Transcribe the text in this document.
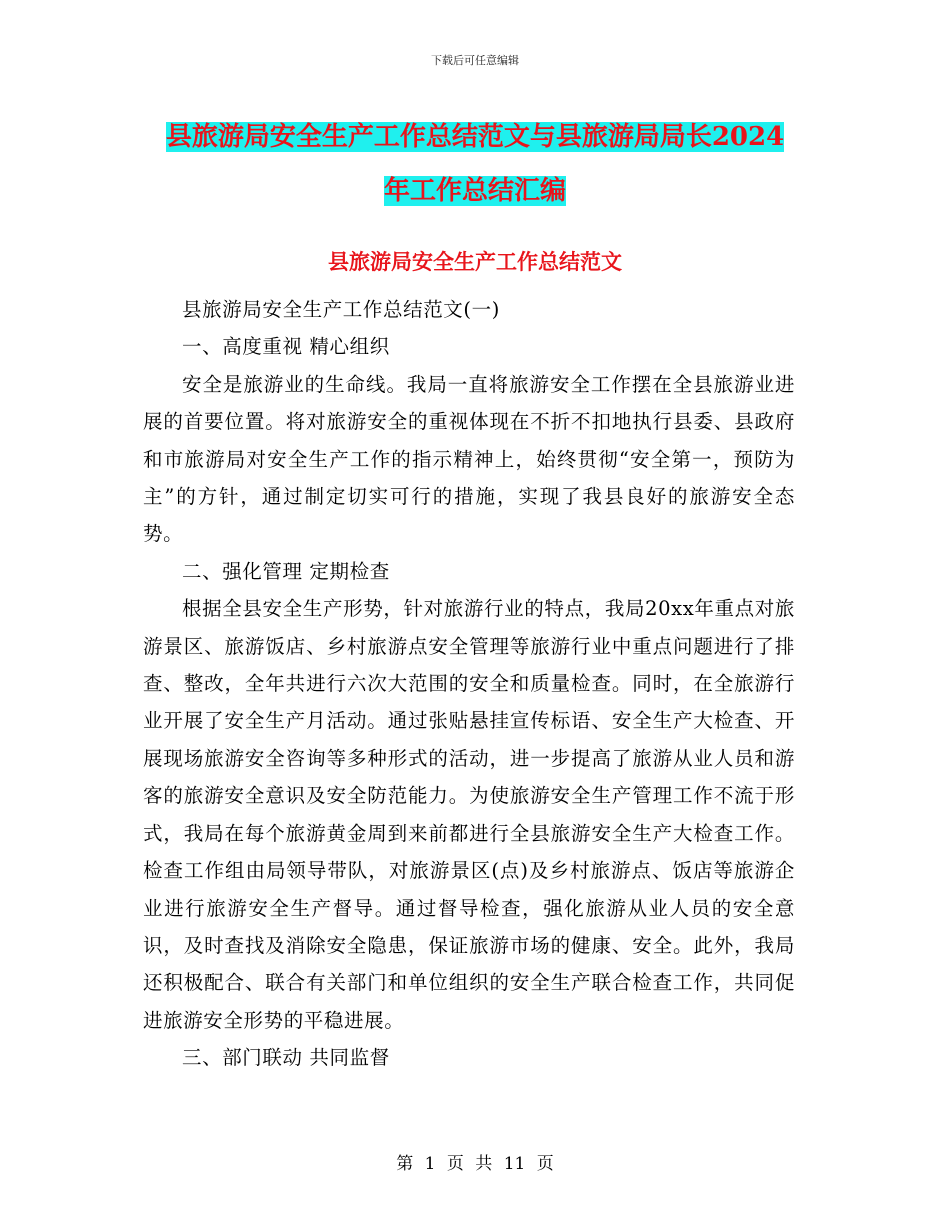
下载后可任意编辑
县旅游局安全生产工作总结范文与县旅游局局长2024
年工作总结汇编
县旅游局安全生产工作总结范文

县旅游局安全生产工作总结范文(一)

一、高度重视 精心组织

安全是旅游业的生命线。我局一直将旅游安全工作摆在全县旅游业进展的首要位置。将对旅游安全的重视体现在不折不扣地执行县委、县政府和市旅游局对安全生产工作的指示精神上，始终贯彻“安全第一，预防为主”的方针，通过制定切实可行的措施，实现了我县良好的旅游安全态势。

二、强化管理 定期检查

根据全县安全生产形势，针对旅游行业的特点，我局20xx年重点对旅游景区、旅游饭店、乡村旅游点安全管理等旅游行业中重点问题进行了排查、整改，全年共进行六次大范围的安全和质量检查。同时，在全旅游行业开展了安全生产月活动。通过张贴悬挂宣传标语、安全生产大检查、开展现场旅游安全咨询等多种形式的活动，进一步提高了旅游从业人员和游客的旅游安全意识及安全防范能力。为使旅游安全生产管理工作不流于形式，我局在每个旅游黄金周到来前都进行全县旅游安全生产大检查工作。检查工作组由局领导带队，对旅游景区(点)及乡村旅游点、饭店等旅游企业进行旅游安全生产督导。通过督导检查，强化旅游从业人员的安全意识，及时查找及消除安全隐患，保证旅游市场的健康、安全。此外，我局还积极配合、联合有关部门和单位组织的安全生产联合检查工作，共同促进旅游安全形势的平稳进展。

三、部门联动 共同监督

第 1 页 共 11 页
